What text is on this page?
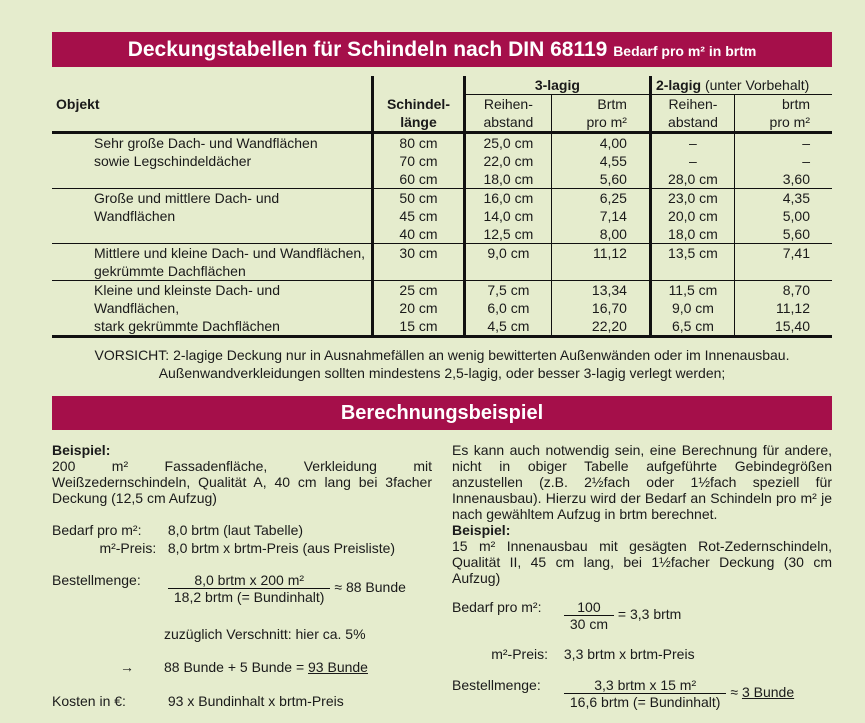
Deckungstabellen für Schindeln nach DIN 68119 Bedarf pro m² in brtm
		3-lagig		2-lagig (unter Vorbehalt)	
Objekt	Schindel-	Reihen-	Brtm	Reihen-	brtm
	länge	abstand	pro m²	abstand	pro m²
Sehr große Dach- und Wandflächen	80 cm	25,0 cm	4,00	–	–
sowie Legschindeldächer	70 cm	22,0 cm	4,55	–	–
	60 cm	18,0 cm	5,60	28,0 cm	3,60
Große und mittlere Dach- und	50 cm	16,0 cm	6,25	23,0 cm	4,35
Wandflächen	45 cm	14,0 cm	7,14	20,0 cm	5,00
	40 cm	12,5 cm	8,00	18,0 cm	5,60
Mittlere und kleine Dach- und Wandflächen,	30 cm	9,0 cm	11,12	13,5 cm	7,41
gekrümmte Dachflächen					
Kleine und kleinste Dach- und	25 cm	7,5 cm	13,34	11,5 cm	8,70
Wandflächen,	20 cm	6,0 cm	16,70	9,0 cm	11,12
stark gekrümmte Dachflächen	15 cm	4,5 cm	22,20	6,5 cm	15,40
VORSICHT: 2-lagige Deckung nur in Ausnahmefällen an wenig bewitterten Außenwänden oder im Innenausbau.
Außenwandverkleidungen sollten mindestens 2,5-lagig, oder besser 3-lagig verlegt werden;
Berechnungsbeispiel
Beispiel:
200 m² Fassadenfläche, Verkleidung mit Weißzedernschindeln, Qualität A, 40 cm lang bei 3facher Deckung (12,5 cm Aufzug)
Bedarf pro m²: 8,0 brtm (laut Tabelle)
m²-Preis: 8,0 brtm x brtm-Preis (aus Preisliste)
Bestellmenge: $\frac{\text{8,0 brtm x 200 m²}}{\text{18,2 brtm (= Bundinhalt)}} \approx 88$ Bunde
zuzüglich Verschnitt: hier ca. 5%
→ 88 Bunde + 5 Bunde = 93 Bunde
Kosten in €:	93 x Bundinhalt x brtm-Preis
Es kann auch notwendig sein, eine Berechnung für andere, nicht in obiger Tabelle aufgeführte Gebindegrößen anzustellen (z.B. 2½fach oder 1½fach speziell für Innenausbau). Hierzu wird der Bedarf an Schindeln pro m² je nach gewähltem Aufzug in brtm berechnet.
Beispiel:
15 m² Innenausbau mit gesägten Rot-Zedernschindeln, Qualität II, 45 cm lang, bei 1½facher Deckung (30 cm Aufzug)
Bedarf pro m²: $\frac{100}{30 cm} = 3,3$ brtm
m²-Preis: 3,3 brtm x brtm-Preis
Bestellmenge: $\frac{\text{3,3 brtm x 15 m²}}{\text{16,6 brtm (= Bundinhalt)}} \approx 3$ Bunde
